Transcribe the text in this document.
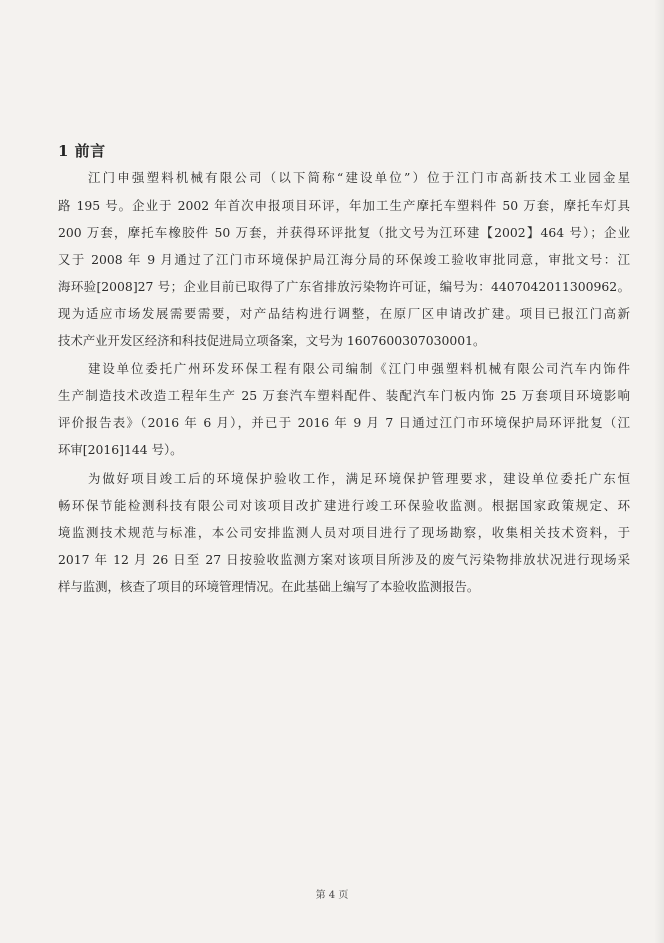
1 前言
江门申强塑料机械有限公司（以下简称“建设单位”）位于江门市高新技术工业园金星
路 195 号。企业于 2002 年首次申报项目环评，年加工生产摩托车塑料件 50 万套，摩托车灯具
200 万套，摩托车橡胶件 50 万套，并获得环评批复（批文号为江环建【2002】464 号）；企业
又于 2008 年 9 月通过了江门市环境保护局江海分局的环保竣工验收审批同意，审批文号：江
海环验[2008]27 号；企业目前已取得了广东省排放污染物许可证，编号为：4407042011300962。
现为适应市场发展需要需要，对产品结构进行调整，在原厂区申请改扩建。项目已报江门高新
技术产业开发区经济和科技促进局立项备案，文号为 1607600307030001。
建设单位委托广州环发环保工程有限公司编制《江门申强塑料机械有限公司汽车内饰件
生产制造技术改造工程年生产 25 万套汽车塑料配件、装配汽车门板内饰 25 万套项目环境影响
评价报告表》（2016 年 6 月），并已于 2016 年 9 月 7 日通过江门市环境保护局环评批复（江
环审[2016]144 号）。
为做好项目竣工后的环境保护验收工作，满足环境保护管理要求，建设单位委托广东恒
畅环保节能检测科技有限公司对该项目改扩建进行竣工环保验收监测。根据国家政策规定、环
境监测技术规范与标准，本公司安排监测人员对项目进行了现场勘察，收集相关技术资料，于
2017 年 12 月 26 日至 27 日按验收监测方案对该项目所涉及的废气污染物排放状况进行现场采
样与监测，核查了项目的环境管理情况。在此基础上编写了本验收监测报告。
第 4 页
